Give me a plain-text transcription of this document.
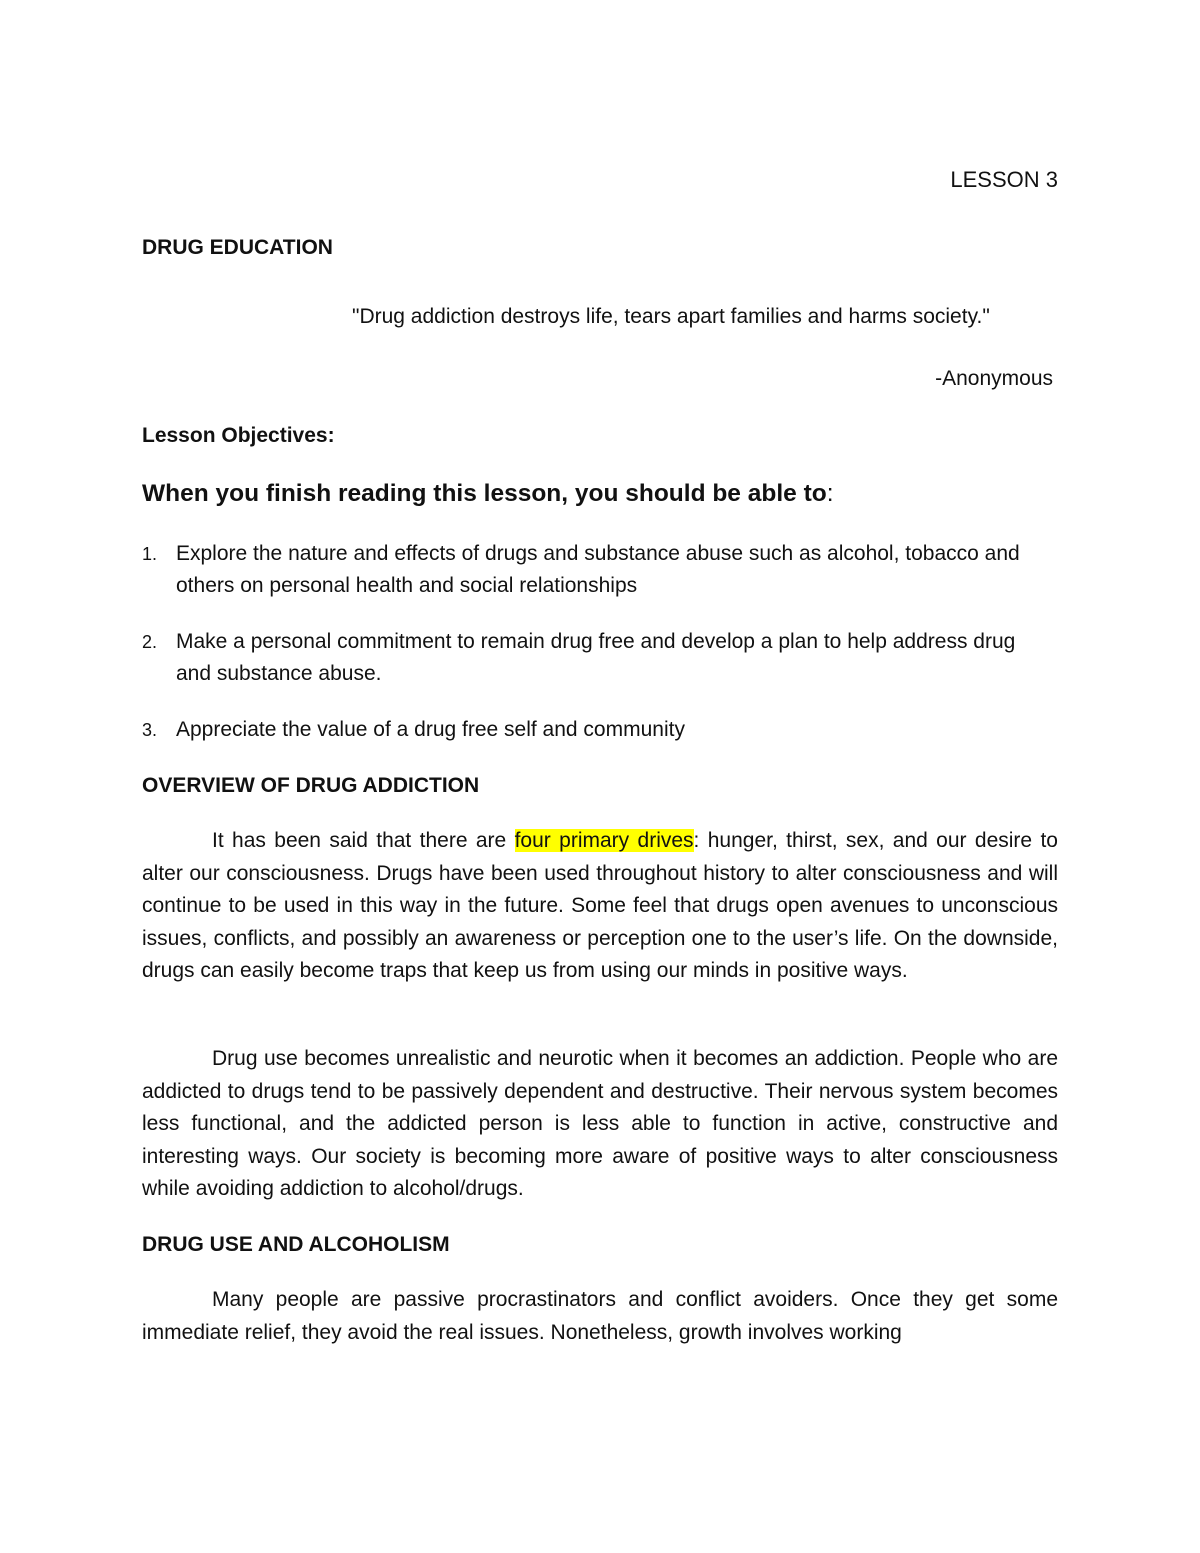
LESSON 3
DRUG EDUCATION
"Drug addiction destroys life, tears apart families and harms society."
-Anonymous
Lesson Objectives:
When you finish reading this lesson, you should be able to:
1. Explore the nature and effects of drugs and substance abuse such as alcohol, tobacco and others on personal health and social relationships
2. Make a personal commitment to remain drug free and develop a plan to help address drug and substance abuse.
3. Appreciate the value of a drug free self and community
OVERVIEW OF DRUG ADDICTION

It has been said that there are four primary drives: hunger, thirst, sex, and our desire to alter our consciousness. Drugs have been used throughout history to alter consciousness and will continue to be used in this way in the future. Some feel that drugs open avenues to unconscious issues, conflicts, and possibly an awareness or perception one to the user’s life. On the downside, drugs can easily become traps that keep us from using our minds in positive ways.

Drug use becomes unrealistic and neurotic when it becomes an addiction. People who are addicted to drugs tend to be passively dependent and destructive. Their nervous system becomes less functional, and the addicted person is less able to function in active, constructive and interesting ways. Our society is becoming more aware of positive ways to alter consciousness while avoiding addiction to alcohol/drugs.

DRUG USE AND ALCOHOLISM

Many people are passive procrastinators and conflict avoiders. Once they get some immediate relief, they avoid the real issues. Nonetheless, growth involves working
